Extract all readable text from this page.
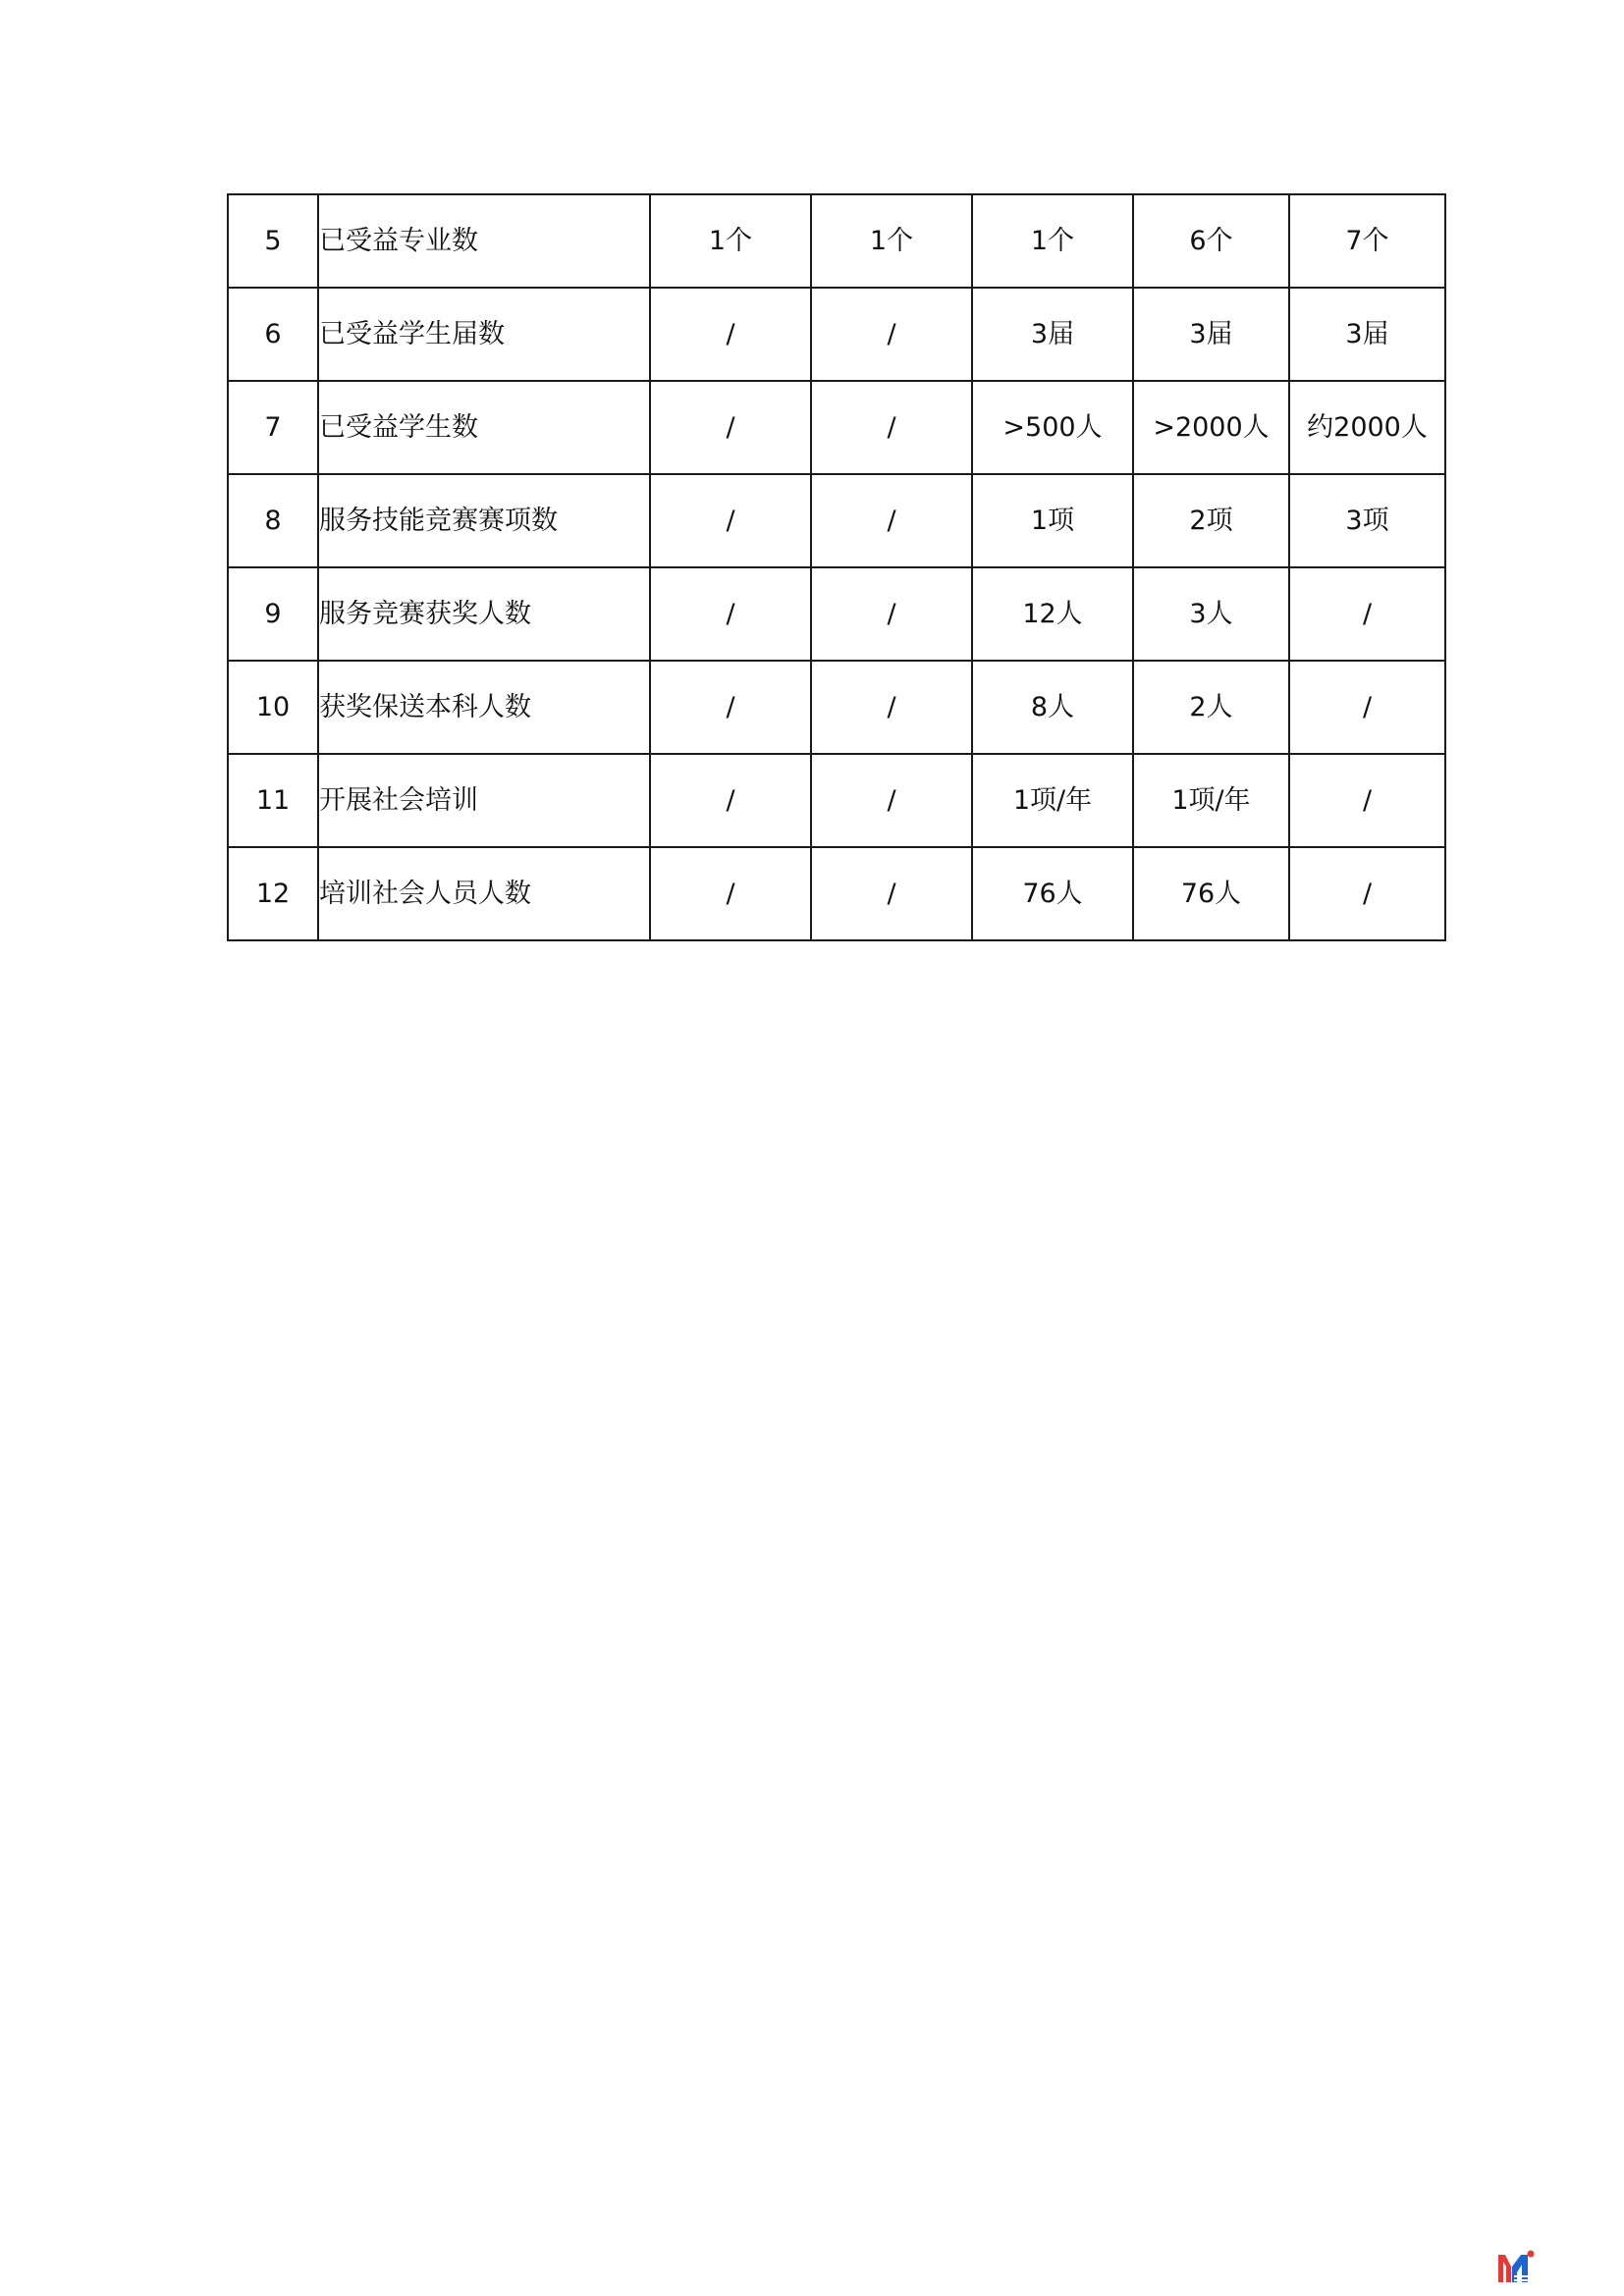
5	已受益专业数	1个	1个	1个	6个	7个
6	已受益学生届数	/	/	3届	3届	3届
7	已受益学生数	/	/	>500人	>2000人	约2000人
8	服务技能竞赛赛项数	/	/	1项	2项	3项
9	服务竞赛获奖人数	/	/	12人	3人	/
10	获奖保送本科人数	/	/	8人	2人	/
11	开展社会培训	/	/	1项/年	1项/年	/
12	培训社会人员人数	/	/	76人	76人	/
